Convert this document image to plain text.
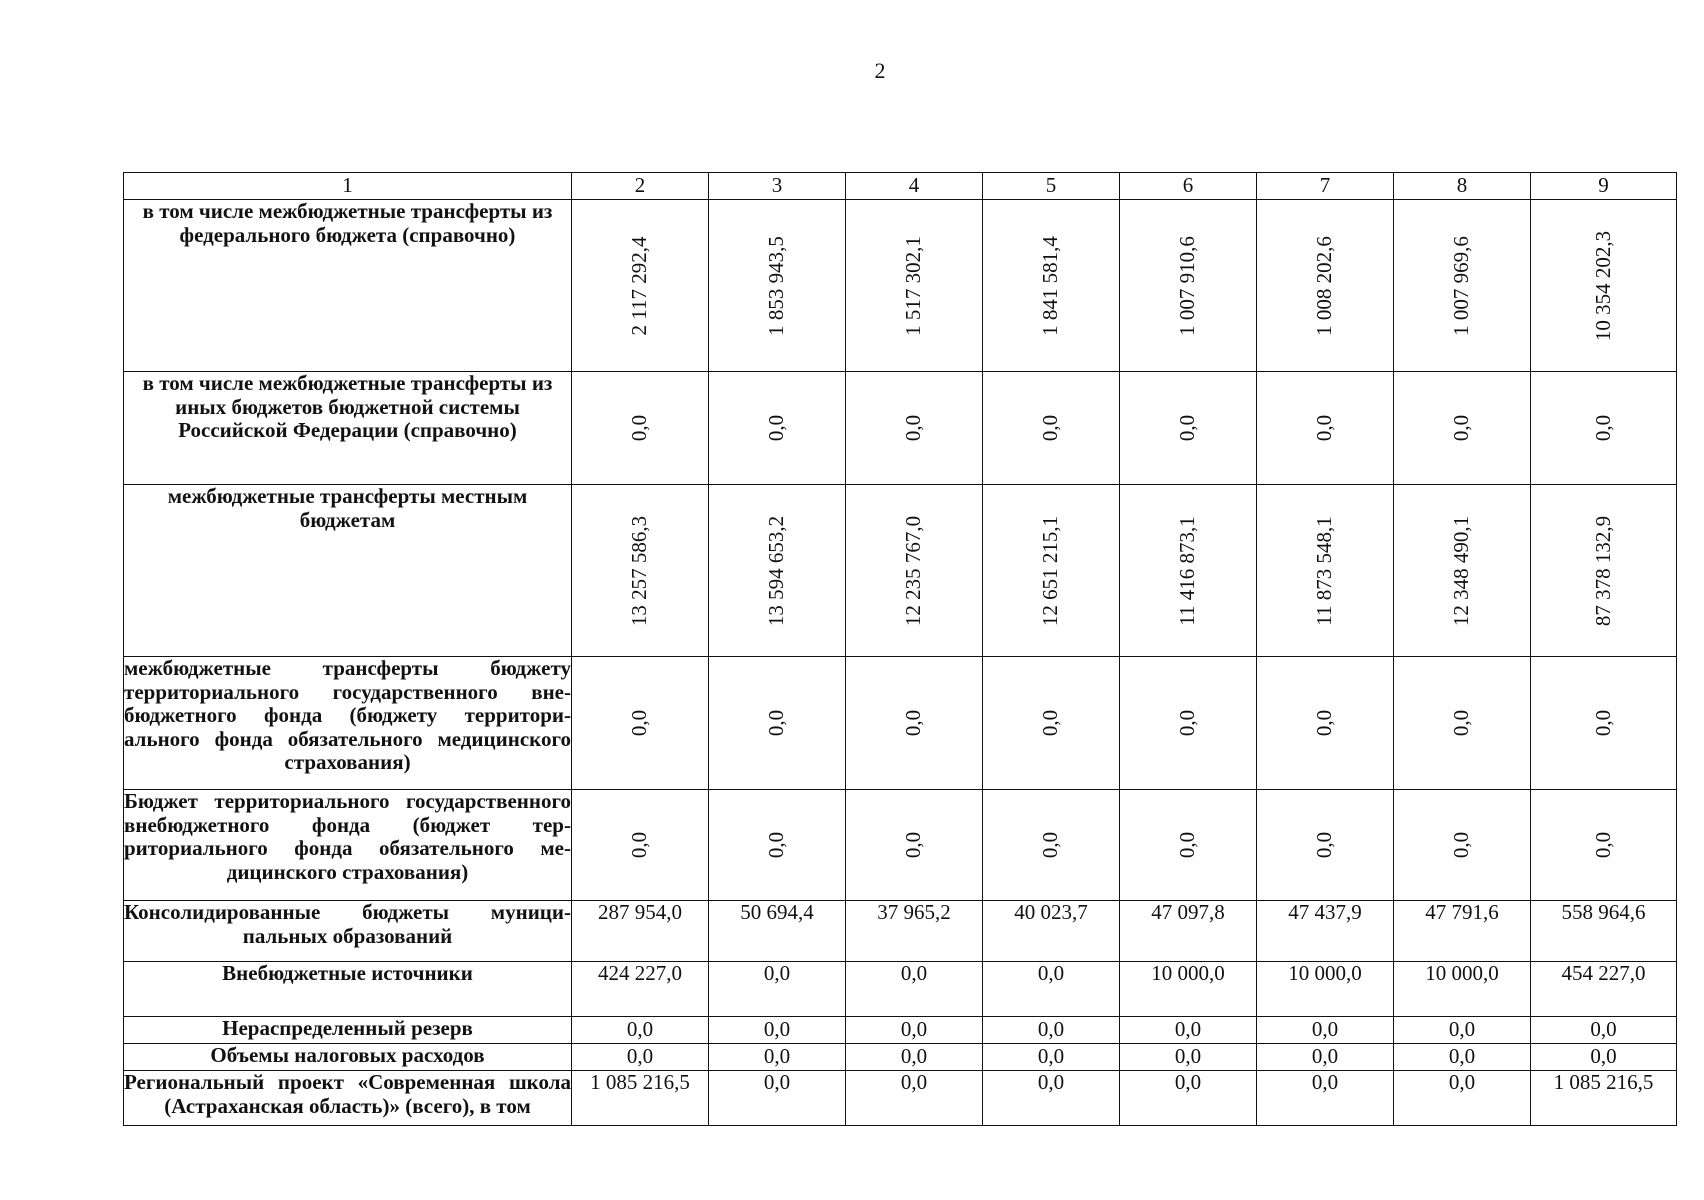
2
1	2	3	4	5	6	7	8	9
в том числе межбюджетные трансферты из федерального бюджета (справочно)	2 117 292,4	1 853 943,5	1 517 302,1	1 841 581,4	1 007 910,6	1 008 202,6	1 007 969,6	10 354 202,3

в том числе межбюджетные трансферты из иных бюджетов бюджетной системы Российской Федерации (справочно)	0,0	0,0	0,0	0,0	0,0	0,0	0,0	0,0

межбюджетные трансферты местным бюджетам	13 257 586,3	13 594 653,2	12 235 767,0	12 651 215,1	11 416 873,1	11 873 548,1	12 348 490,1	87 378 132,9

межбюджетные трансферты бюджету территориального государственного внебюджетного фонда (бюджету территориального фонда обязательного медицинского страхования)	0,0	0,0	0,0	0,0	0,0	0,0	0,0	0,0

Бюджет территориального государственного внебюджетного фонда (бюджет территориального фонда обязательного медицинского страхования)	0,0	0,0	0,0	0,0	0,0	0,0	0,0	0,0

Консолидированные бюджеты муниципальных образований	287 954,0	50 694,4	37 965,2	40 023,7	47 097,8	47 437,9	47 791,6	558 964,6
Внебюджетные источники	424 227,0	0,0	0,0	0,0	10 000,0	10 000,0	10 000,0	454 227,0
Нераспределенный резерв	0,0	0,0	0,0	0,0	0,0	0,0	0,0	0,0
Объемы налоговых расходов	0,0	0,0	0,0	0,0	0,0	0,0	0,0	0,0
Региональный проект «Современная школа (Астраханская область)» (всего), в том	1 085 216,5	0,0	0,0	0,0	0,0	0,0	0,0	1 085 216,5
